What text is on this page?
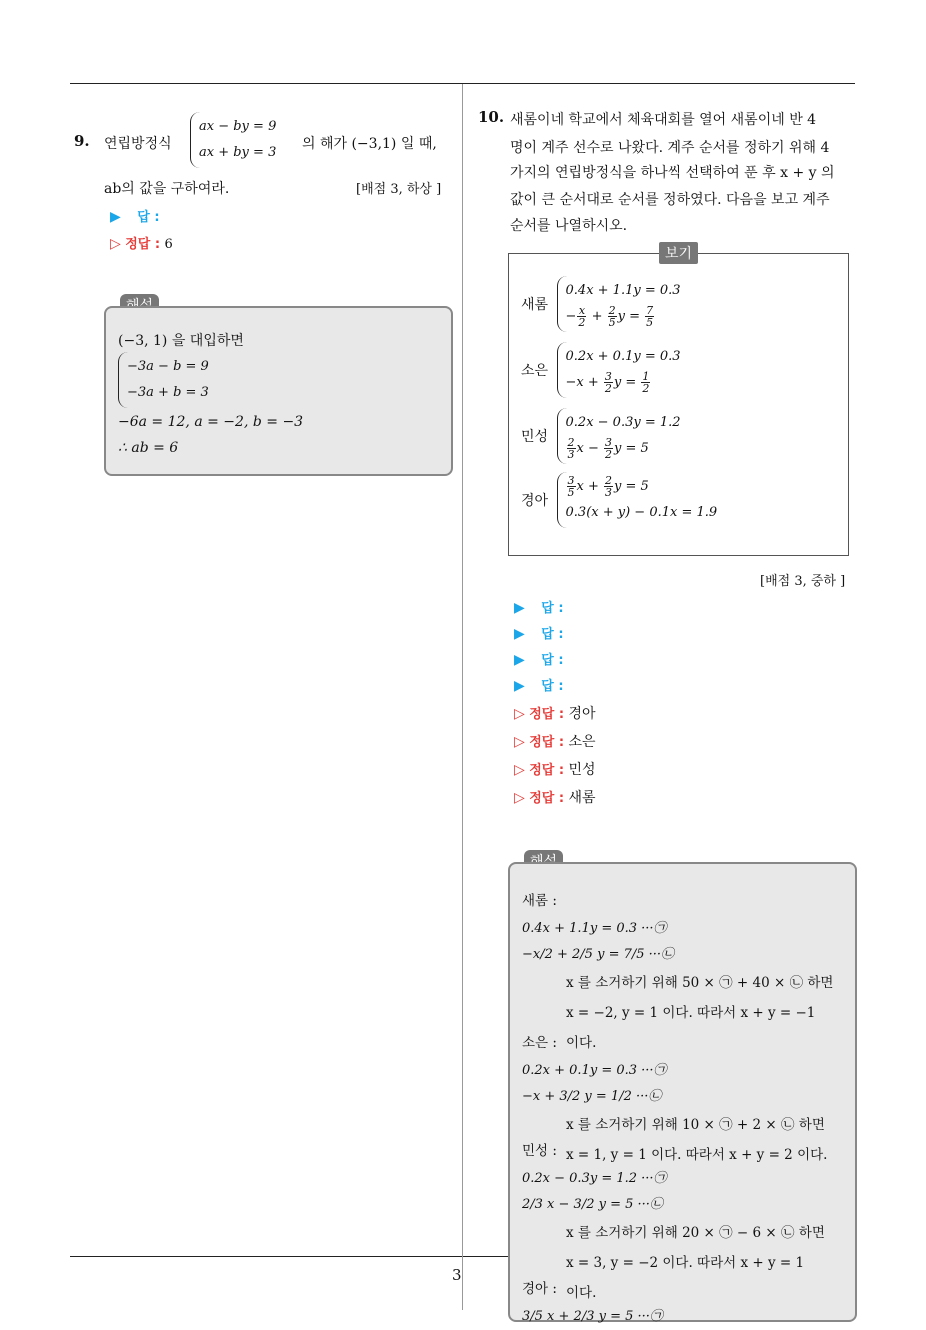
3
9. 연립방정식
ax − by = 9
ax + by = 3
의 해가 (−3,1) 일 때,
ab의 값을 구하여라.	[배점 3, 하상 ]
▶ 답 :
▷ 정답 : 6
(−3, 1) 을 대입하면
−3a − b = 9
−3a + b = 3
−6a = 12, a = −2, b = −3
∴ ab = 6
10. 새롬이네 학교에서 체육대회를 열어 새롬이네 반 4
명이 계주 선수로 나왔다. 계주 순서를 정하기 위해 4
가지의 연립방정식을 하나씩 선택하여 푼 후 x + y 의
값이 큰 순서대로 순서를 정하였다. 다음을 보고 계주
순서를 나열하시오.
새롬
0.4x + 1.1y = 0.3
− $\frac{x}{2} + \frac{2}{5}$ $y = \frac{7}{5}$
소은
0.2x + 0.1y = 0.3
$-x + \frac{3}{2}$ $y = \frac{1}{2}$
민성
0.2x − 0.3y = 1.2
$\frac{2}{3}$ $x - \frac{3}{2}$ y = 5
경아
$\frac{3}{5}$ $x + \frac{2}{3}$ y = 5
0.3(x + y) − 0.1x = 1.9
보기
[배점 3, 중하 ]
▶ 답 :
▶ 답 :
▶ 답 :
▶ 답 :
▷ 정답 : 경아
▷ 정답 : 소은
▷ 정답 : 민성
▷ 정답 : 새롬

새롬 :

0.4x + 1.1y = 0.3 ···㉠
−x/2 + 2/5 y = 7/5 ···㉡

x 를 소거하기 위해 50 × ㉠ + 40 × ㉡ 하면

x = −2, y = 1 이다. 따라서 x + y = −1

이다.

소은 :

0.2x + 0.1y = 0.3 ···㉠
−x + 3/2 y = 1/2 ···㉡

x 를 소거하기 위해 10 × ㉠ + 2 × ㉡ 하면

x = 1, y = 1 이다. 따라서 x + y = 2 이다.

민성 :

0.2x − 0.3y = 1.2 ···㉠
2/3 x − 3/2 y = 5 ···㉡

x 를 소거하기 위해 20 × ㉠ − 6 × ㉡ 하면

x = 3, y = −2 이다. 따라서 x + y = 1

이다.

경아 :

3/5 x + 2/3 y = 5 ···㉠
